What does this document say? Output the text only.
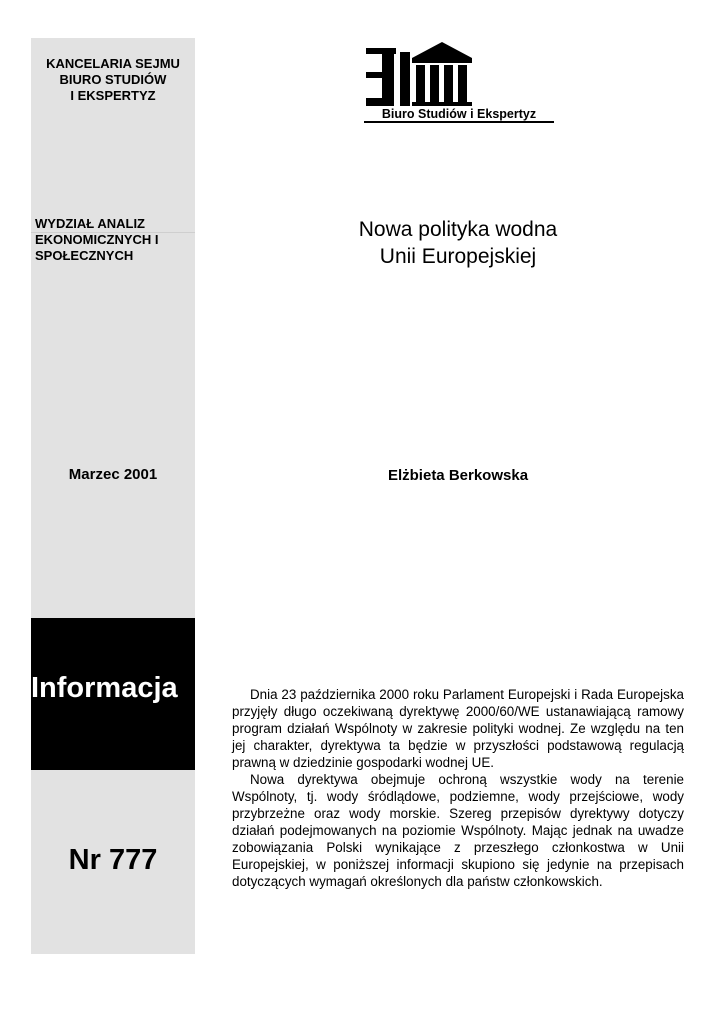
KANCELARIA SEJMU
BIURO STUDIÓW
I EKSPERTYZ
WYDZIAŁ ANALIZ
EKONOMICZNYCH I
SPOŁECZNYCH
Marzec 2001
Informacja
Nr 777
Biuro Studiów i Ekspertyz
Nowa polityka wodna
Unii Europejskiej
Elżbieta Berkowska

Dnia 23 października 2000 roku Parlament Europejski i Rada Europejska przyjęły długo oczekiwaną dyrektywę 2000/60/WE ustanawiającą ramowy program działań Wspólnoty w zakresie polityki wodnej. Ze względu na ten jej charakter, dyrektywa ta będzie w przyszłości podstawową regulacją prawną w dziedzinie gospodarki wodnej UE.

Nowa dyrektywa obejmuje ochroną wszystkie wody na terenie Wspólnoty, tj. wody śródlądowe, podziemne, wody przejściowe, wody przybrzeżne oraz wody morskie. Szereg przepisów dyrektywy dotyczy działań podejmowanych na poziomie Wspólnoty. Mając jednak na uwadze zobowiązania Polski wynikające z przeszłego członkostwa w Unii Europejskiej, w poniższej informacji skupiono się jedynie na przepisach dotyczących wymagań określonych dla państw członkowskich.
